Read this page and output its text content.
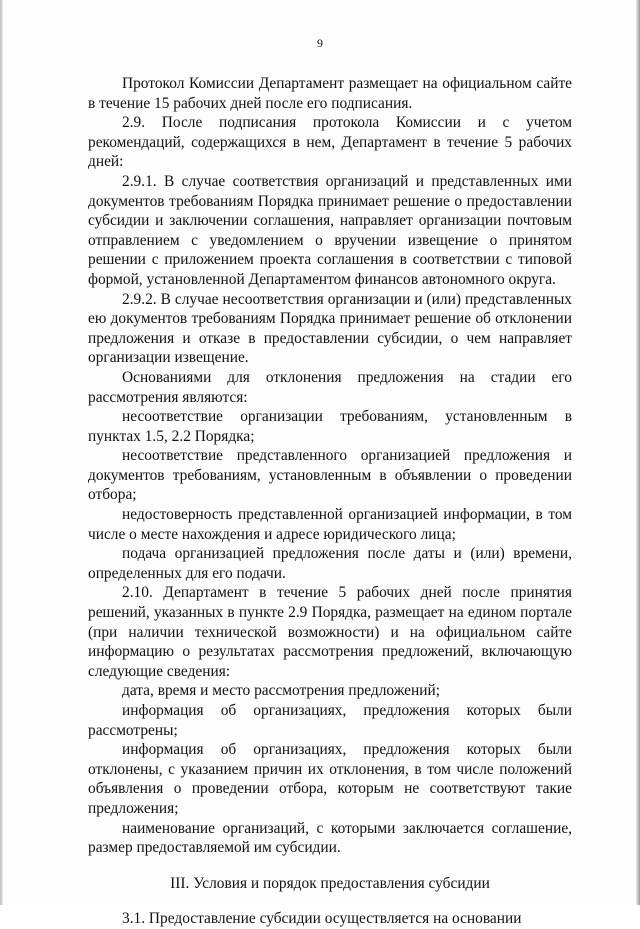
9

Протокол Комиссии Департамент размещает на официальном сайте в течение 15 рабочих дней после его подписания.

2.9. После подписания протокола Комиссии и с учетом рекомендаций, содержащихся в нем, Департамент в течение 5 рабочих дней:

2.9.1. В случае соответствия организаций и представленных ими документов требованиям Порядка принимает решение о предоставлении субсидии и заключении соглашения, направляет организации почтовым отправлением с уведомлением о вручении извещение о принятом решении с приложением проекта соглашения в соответствии с типовой формой, установленной Департаментом финансов автономного округа.

2.9.2. В случае несоответствия организации и (или) представленных ею документов требованиям Порядка принимает решение об отклонении предложения и отказе в предоставлении субсидии, о чем направляет организации извещение.

Основаниями для отклонения предложения на стадии его рассмотрения являются:

несоответствие организации требованиям, установленным в пунктах 1.5, 2.2 Порядка;

несоответствие представленного организацией предложения и документов требованиям, установленным в объявлении о проведении отбора;

недостоверность представленной организацией информации, в том числе о месте нахождения и адресе юридического лица;

подача организацией предложения после даты и (или) времени, определенных для его подачи.

2.10. Департамент в течение 5 рабочих дней после принятия решений, указанных в пункте 2.9 Порядка, размещает на едином портале (при наличии технической возможности) и на официальном сайте информацию о результатах рассмотрения предложений, включающую следующие сведения:

дата, время и место рассмотрения предложений;

информация об организациях, предложения которых были рассмотрены;

информация об организациях, предложения которых были отклонены, с указанием причин их отклонения, в том числе положений объявления о проведении отбора, которым не соответствуют такие предложения;

наименование организаций, с которыми заключается соглашение, размер предоставляемой им субсидии.

III. Условия и порядок предоставления субсидии

3.1. Предоставление субсидии осуществляется на основании
